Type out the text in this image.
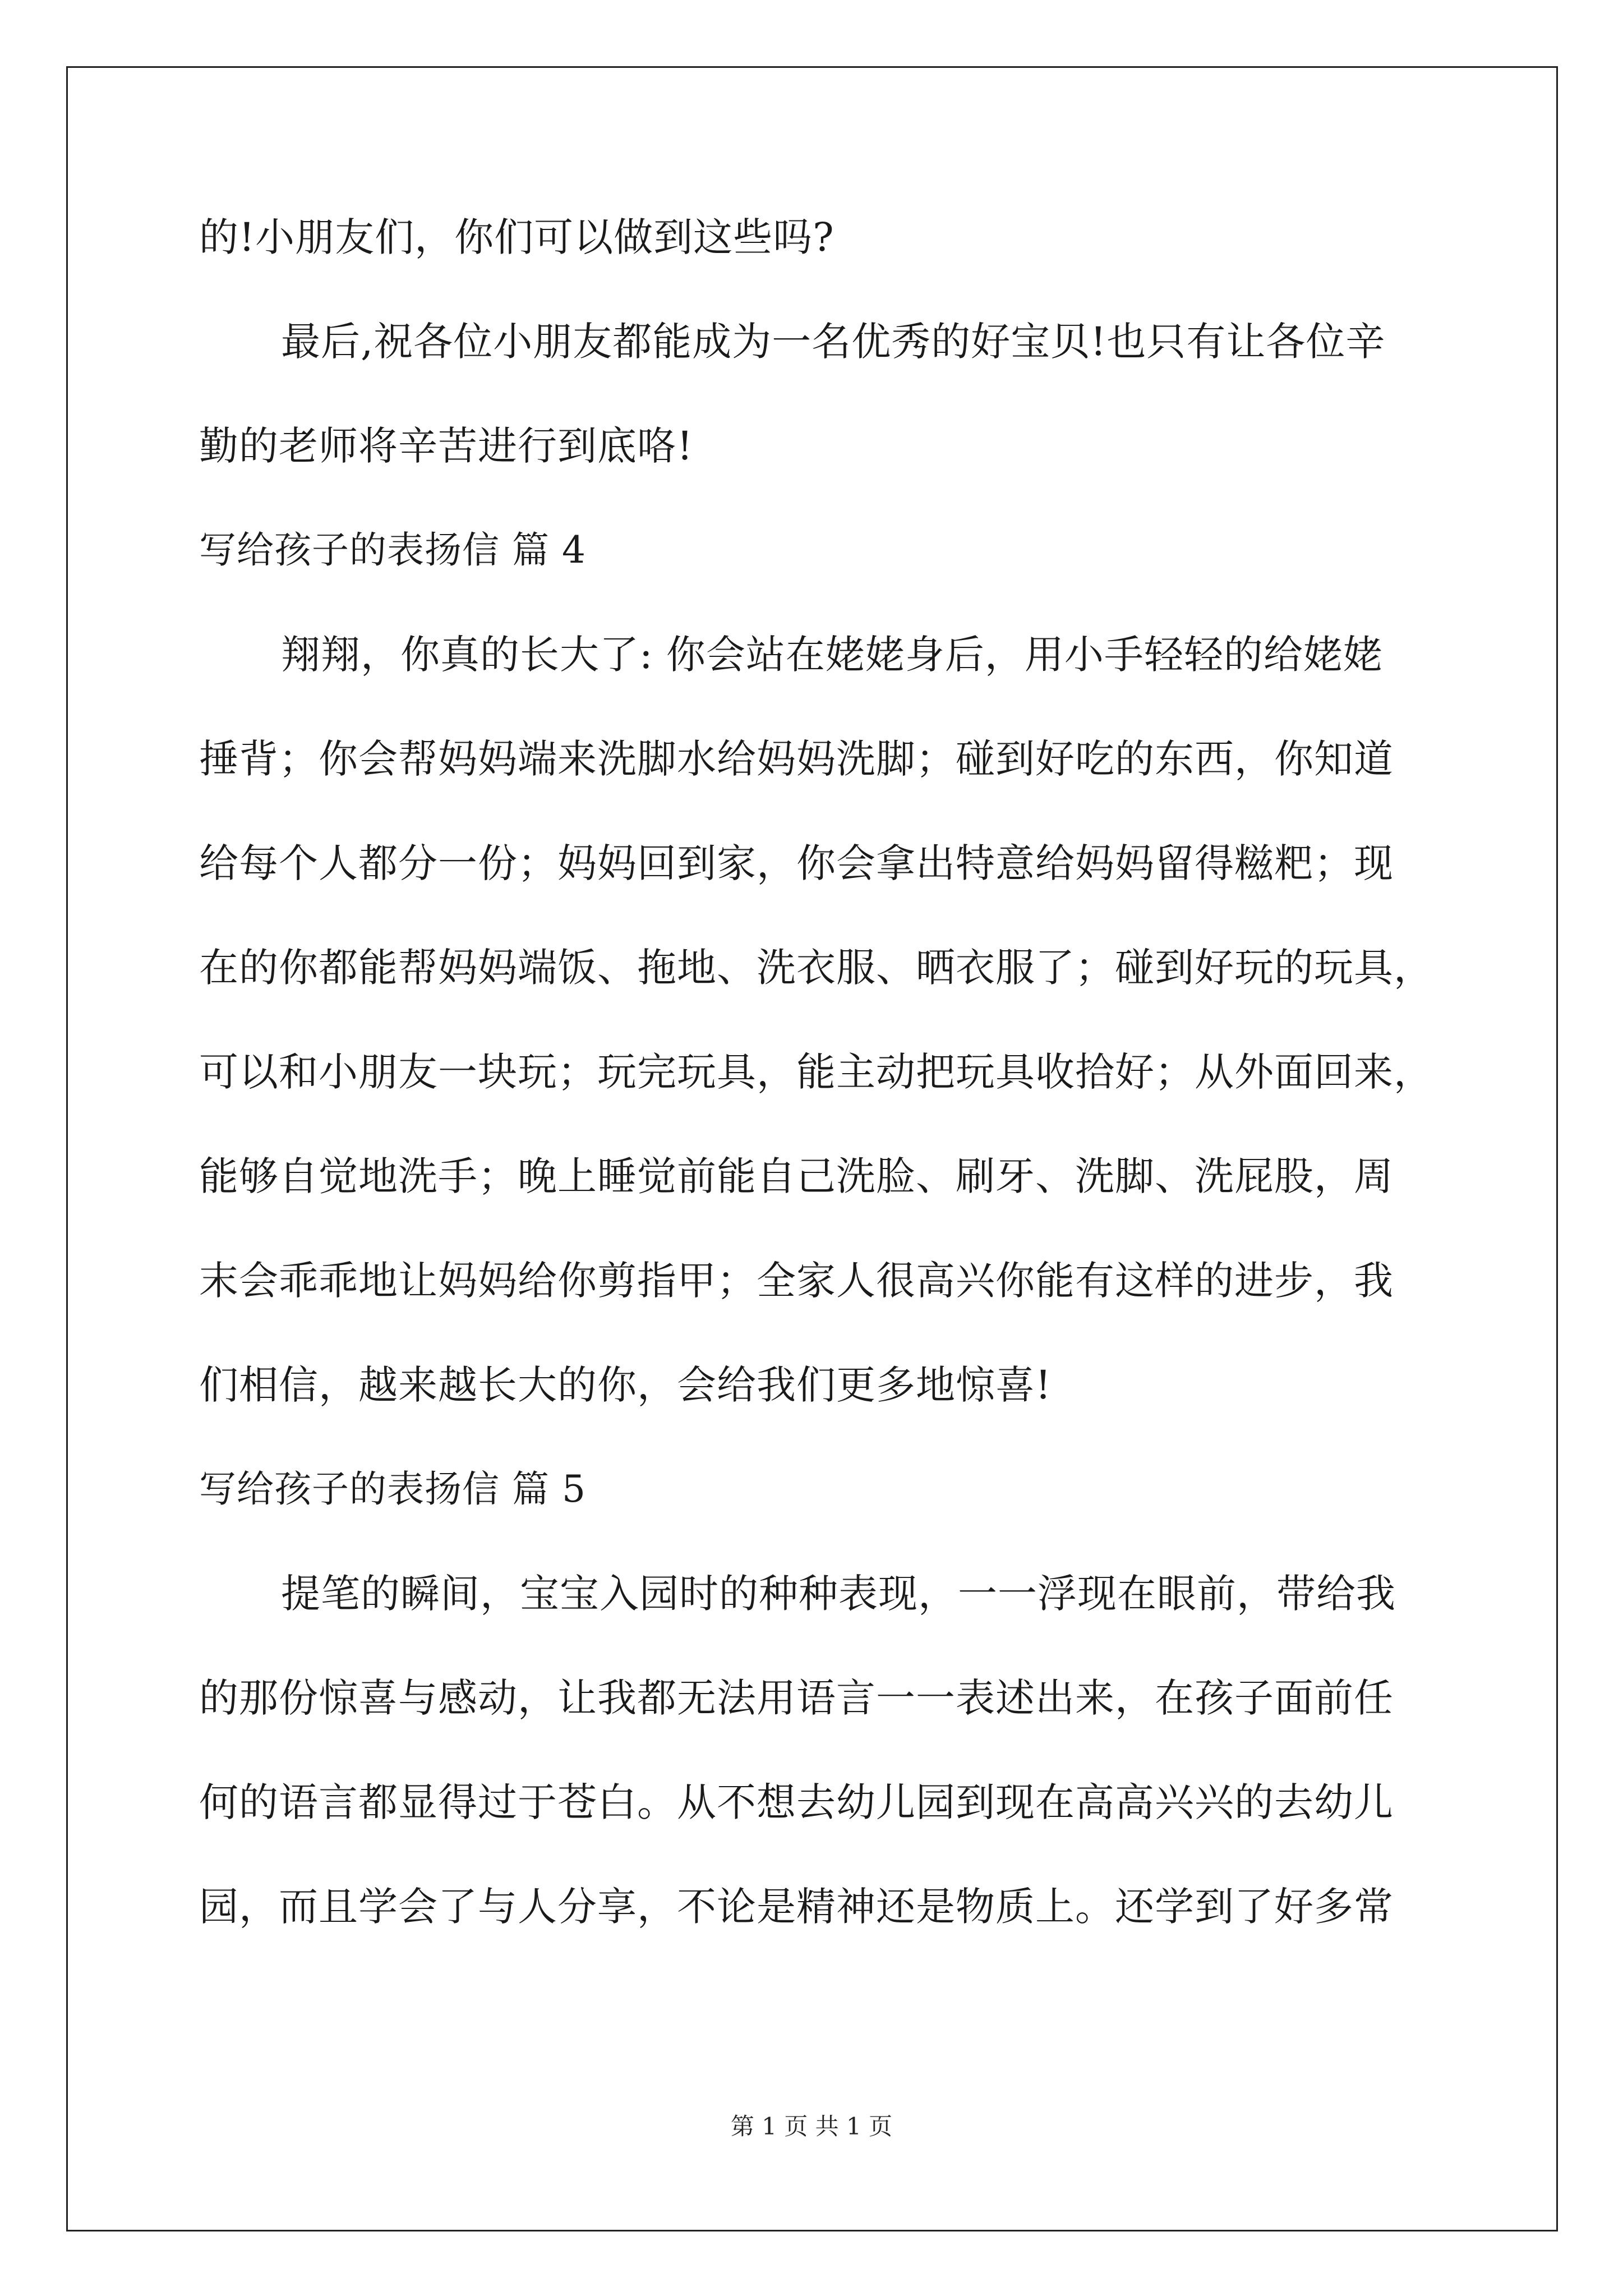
的!小朋友们，你们可以做到这些吗?
最后,祝各位小朋友都能成为一名优秀的好宝贝!也只有让各位辛
勤的老师将辛苦进行到底咯!
写给孩子的表扬信 篇 4
翔翔，你真的长大了: 你会站在姥姥身后，用小手轻轻的给姥姥
捶背；你会帮妈妈端来洗脚水给妈妈洗脚；碰到好吃的东西，你知道
给每个人都分一份；妈妈回到家，你会拿出特意给妈妈留得糍粑；现
在的你都能帮妈妈端饭、拖地、洗衣服、晒衣服了；碰到好玩的玩具，
可以和小朋友一块玩；玩完玩具，能主动把玩具收拾好；从外面回来，
能够自觉地洗手；晚上睡觉前能自己洗脸、刷牙、洗脚、洗屁股，周
末会乖乖地让妈妈给你剪指甲；全家人很高兴你能有这样的进步，我
们相信，越来越长大的你，会给我们更多地惊喜!
写给孩子的表扬信 篇 5
提笔的瞬间，宝宝入园时的种种表现，一一浮现在眼前，带给我
的那份惊喜与感动，让我都无法用语言一一表述出来，在孩子面前任
何的语言都显得过于苍白。从不想去幼儿园到现在高高兴兴的去幼儿
园，而且学会了与人分享，不论是精神还是物质上。还学到了好多常
第 1 页 共 1 页
